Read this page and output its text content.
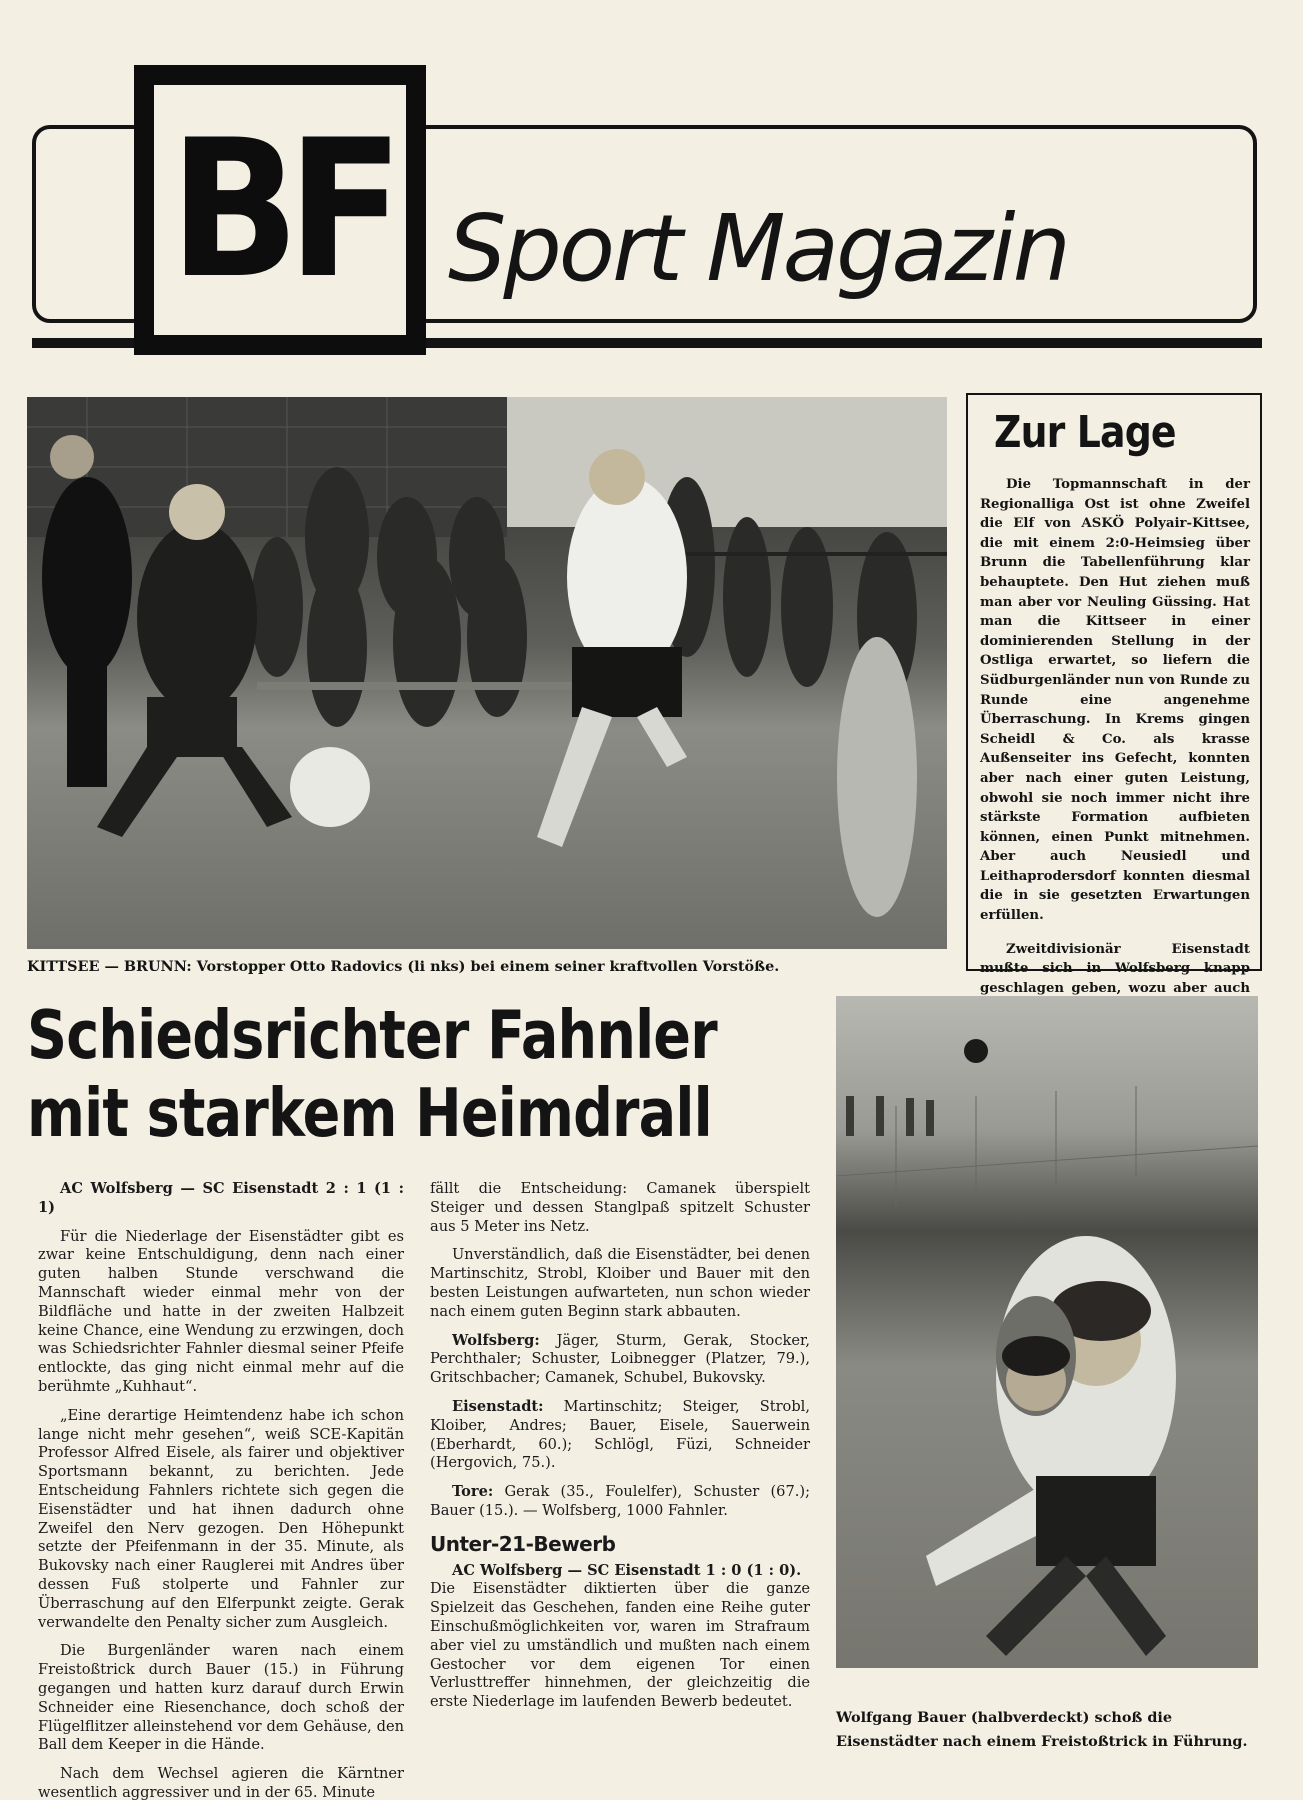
BF Sport Magazin
KITTSEE — BRUNN: Vorstopper Otto Radovics (li nks) bei einem seiner kraftvollen Vorstöße.
Zur Lage

Die Topmannschaft in der Regionalliga Ost ist ohne Zweifel die Elf von ASKÖ Polyair-Kittsee, die mit einem 2:0-Heimsieg über Brunn die Tabellenführung klar behauptete. Den Hut ziehen muß man aber vor Neuling Güssing. Hat man die Kittseer in einer dominierenden Stellung in der Ostliga erwartet, so liefern die Südburgenländer nun von Runde zu Runde eine angenehme Überraschung. In Krems gingen Scheidl & Co. als krasse Außenseiter ins Gefecht, konnten aber nach einer guten Leistung, obwohl sie noch immer nicht ihre stärkste Formation aufbieten können, einen Punkt mitnehmen. Aber auch Neusiedl und Leithaprodersdorf konnten diesmal die in sie gesetzten Erwartungen erfüllen.

Zweitdivisionär Eisenstadt mußte sich in Wolfsberg knapp geschlagen geben, wozu aber auch

Schiedsrichter Fahnler
mit starkem Heimdrall
AC Wolfsberg — SC Eisenstadt 2 : 1 (1 : 1)

Für die Niederlage der Eisenstädter gibt es zwar keine Entschuldigung, denn nach einer guten halben Stunde verschwand die Mannschaft wieder einmal mehr von der Bildfläche und hatte in der zweiten Halbzeit keine Chance, eine Wendung zu erzwingen, doch was Schiedsrichter Fahnler diesmal seiner Pfeife entlockte, das ging nicht einmal mehr auf die berühmte „Kuhhaut“.

„Eine derartige Heimtendenz habe ich schon lange nicht mehr gesehen“, weiß SCE-Kapitän Professor Alfred Eisele, als fairer und objektiver Sportsmann bekannt, zu berichten. Jede Entscheidung Fahnlers richtete sich gegen die Eisenstädter und hat ihnen dadurch ohne Zweifel den Nerv gezogen. Den Höhepunkt setzte der Pfeifenmann in der 35. Minute, als Bukovsky nach einer Rauglerei mit Andres über dessen Fuß stolperte und Fahnler zur Überraschung auf den Elferpunkt zeigte. Gerak verwandelte den Penalty sicher zum Ausgleich.

Die Burgenländer waren nach einem Freistoßtrick durch Bauer (15.) in Führung gegangen und hatten kurz darauf durch Erwin Schneider eine Riesenchance, doch schoß der Flügelflitzer alleinstehend vor dem Gehäuse, den Ball dem Keeper in die Hände.

Nach dem Wechsel agieren die Kärntner wesentlich aggressiver und in der 65. Minute

fällt die Entscheidung: Camanek überspielt Steiger und dessen Stanglpaß spitzelt Schuster aus 5 Meter ins Netz.

Unverständlich, daß die Eisenstädter, bei denen Martinschitz, Strobl, Kloiber und Bauer mit den besten Leistungen aufwarteten, nun schon wieder nach einem guten Beginn stark abbauten.

Wolfsberg: Jäger, Sturm, Gerak, Stocker, Perchthaler; Schuster, Loibnegger (Platzer, 79.), Gritschbacher; Camanek, Schubel, Bukovsky.

Eisenstadt: Martinschitz; Steiger, Strobl, Kloiber, Andres; Bauer, Eisele, Sauerwein (Eberhardt, 60.); Schlögl, Füzi, Schneider (Hergovich, 75.).

Tore: Gerak (35., Foulelfer), Schuster (67.); Bauer (15.). — Wolfsberg, 1000 Fahnler.

Unter-21-Bewerb
AC Wolfsberg — SC Eisenstadt 1 : 0 (1 : 0).

Die Eisenstädter diktierten über die ganze Spielzeit das Geschehen, fanden eine Reihe guter Einschußmöglichkeiten vor, waren im Strafraum aber viel zu umständlich und mußten nach einem Gestocher vor dem eigenen Tor einen Verlusttreffer hinnehmen, der gleichzeitig die erste Niederlage im laufenden Bewerb bedeutet.

Wolfgang Bauer (halbverdeckt) schoß die Eisenstädter nach einem Freistoßtrick in Führung.
